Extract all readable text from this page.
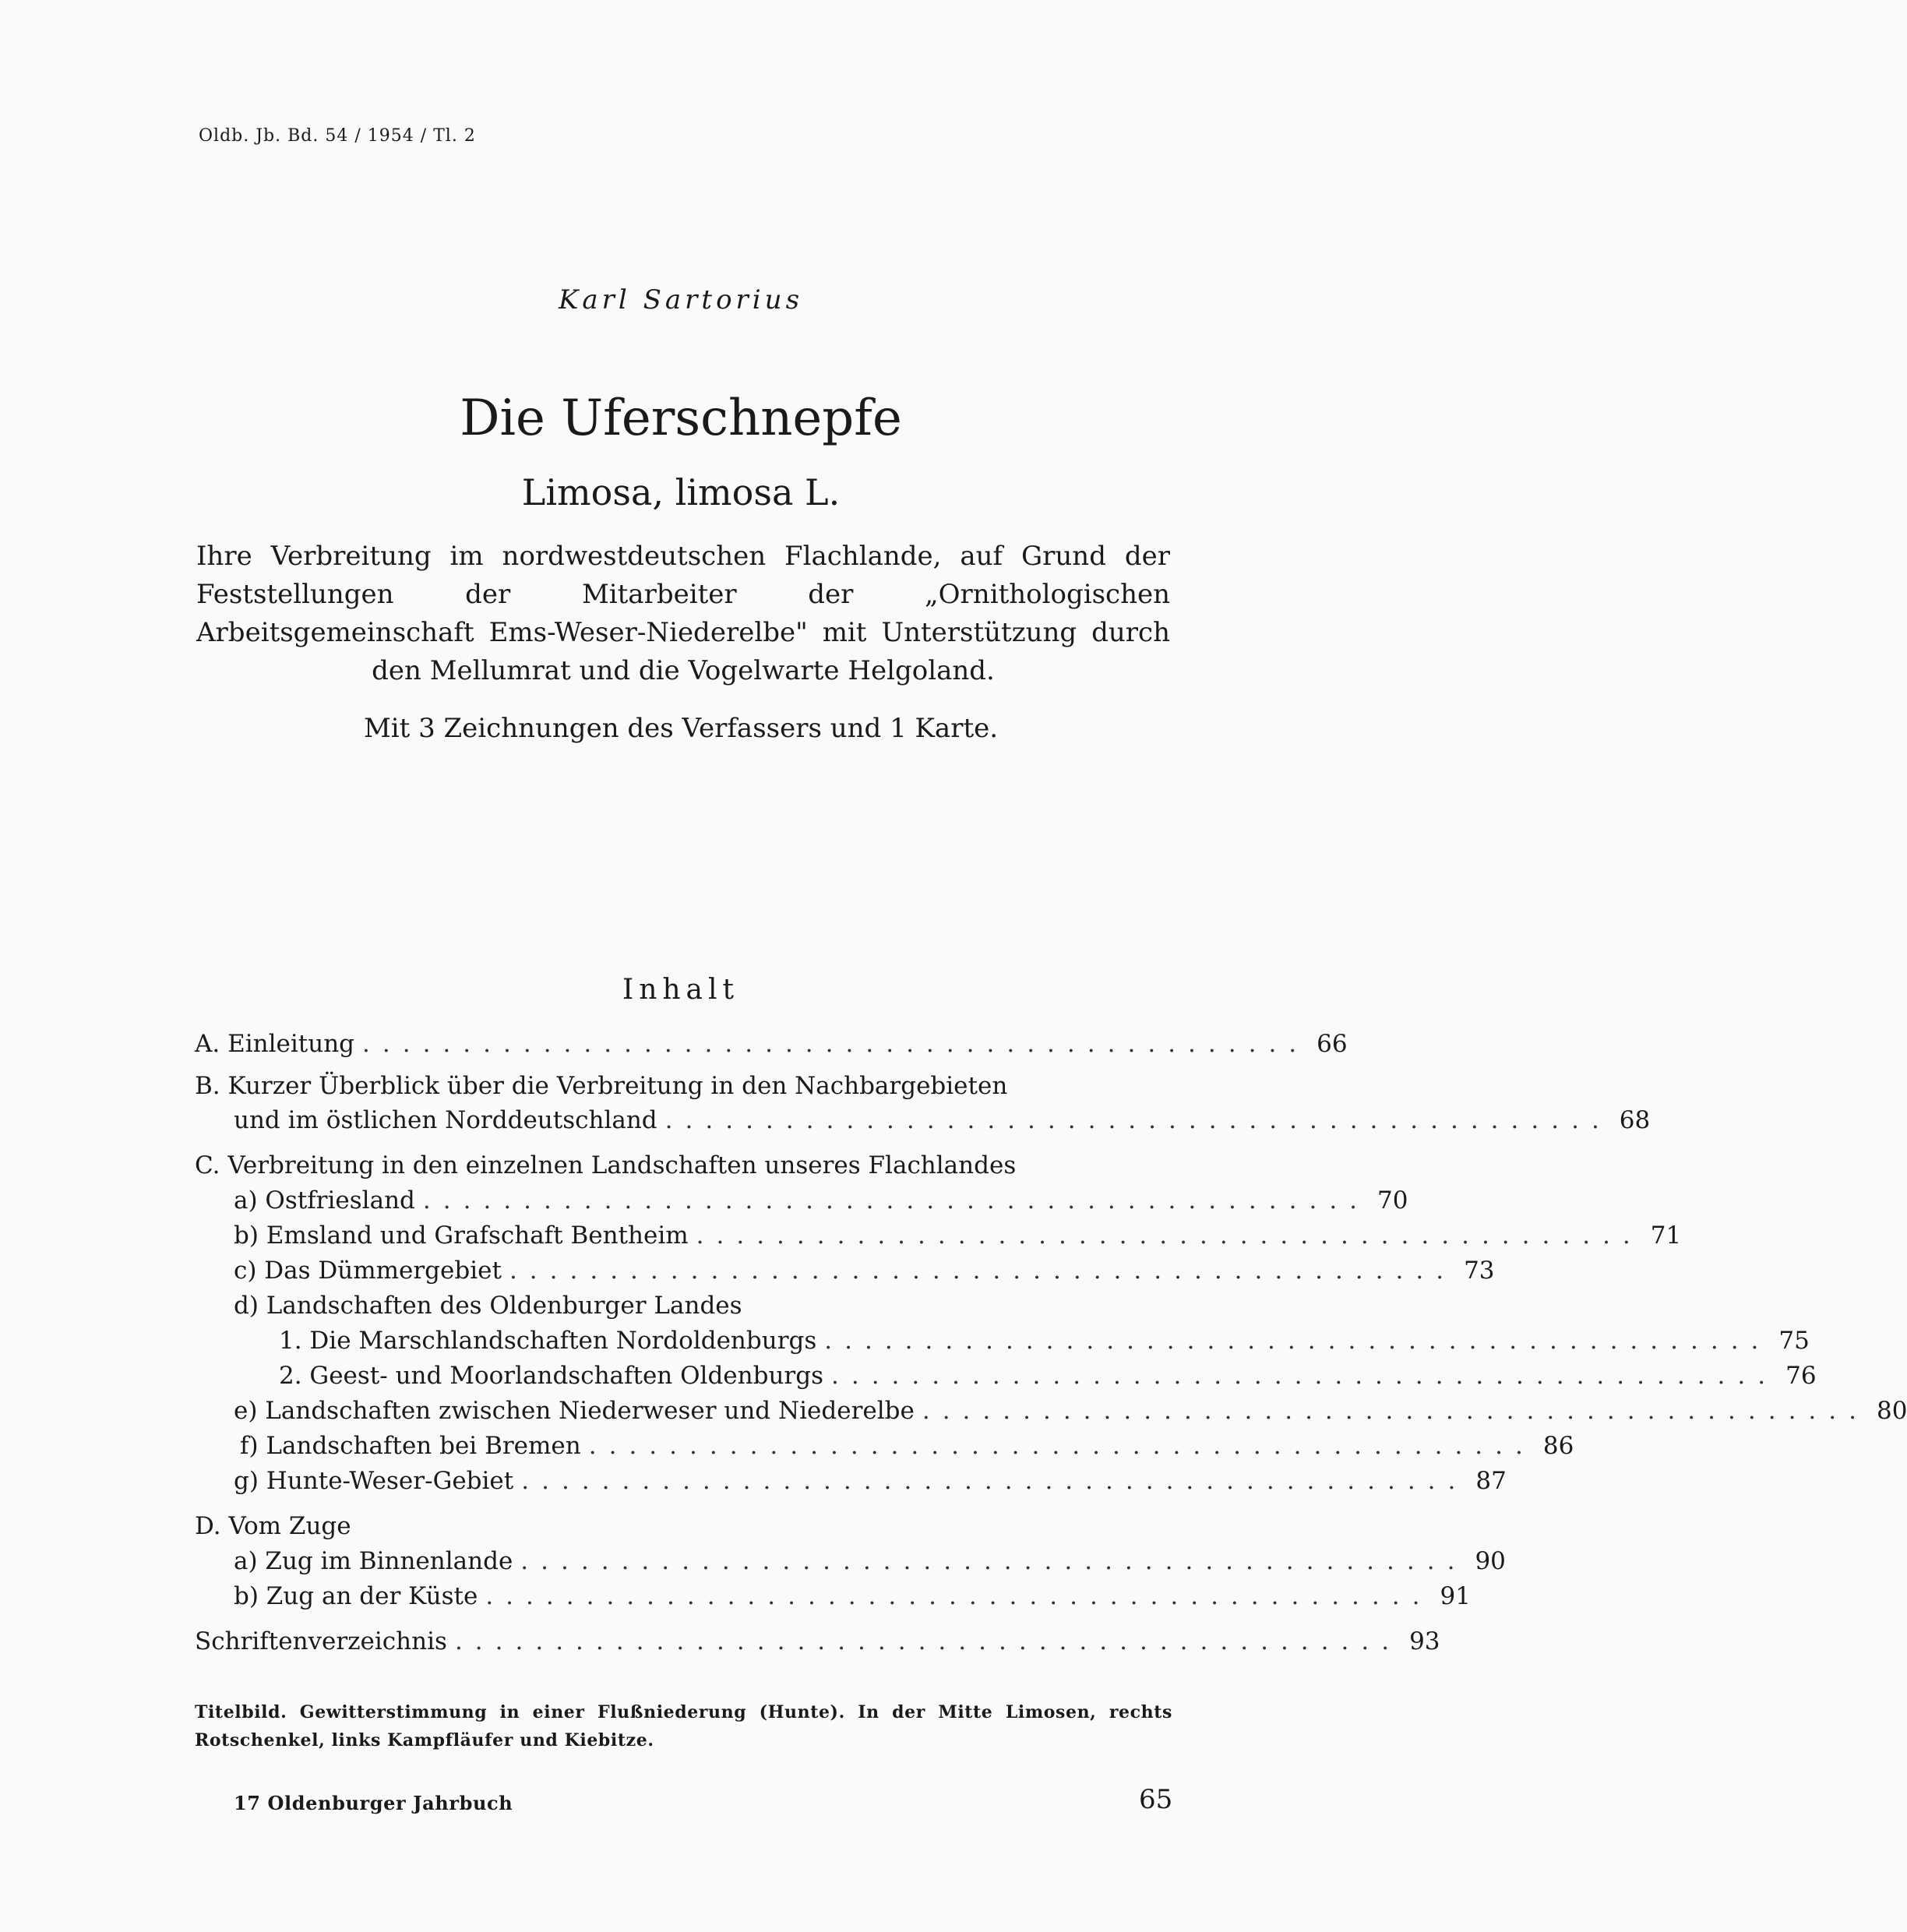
Oldb. Jb. Bd. 54 / 1954 / Tl. 2
Karl Sartorius
Die Uferschnepfe
Limosa, limosa L.
Ihre Verbreitung im nordwestdeutschen Flachlande, auf Grund der Feststellungen der Mitarbeiter der „Ornithologischen Arbeitsgemeinschaft Ems-Weser-Niederelbe" mit Unterstützung durch den Mellumrat und die Vogelwarte Helgoland.
Mit 3 Zeichnungen des Verfassers und 1 Karte.
Inhalt
A. Einleitung ............................................... 66
B. Kurzer Überblick über die Verbreitung in den Nachbargebieten
und im östlichen Norddeutschland ............................................... 68
C. Verbreitung in den einzelnen Landschaften unseres Flachlandes
a) Ostfriesland ............................................... 70
b) Emsland und Grafschaft Bentheim ............................................... 71
c) Das Dümmergebiet ............................................... 73
d) Landschaften des Oldenburger Landes
1. Die Marschlandschaften Nordoldenburgs ............................................... 75
2. Geest- und Moorlandschaften Oldenburgs ............................................... 76
e) Landschaften zwischen Niederweser und Niederelbe ............................................... 80
f) Landschaften bei Bremen ............................................... 86
g) Hunte-Weser-Gebiet ............................................... 87
D. Vom Zuge
a) Zug im Binnenlande ............................................... 90
b) Zug an der Küste ............................................... 91
Schriftenverzeichnis ............................................... 93
Titelbild. Gewitterstimmung in einer Flußniederung (Hunte). In der Mitte Limosen, rechts Rotschenkel, links Kampfläufer und Kiebitze.
17 Oldenburger Jahrbuch	65
